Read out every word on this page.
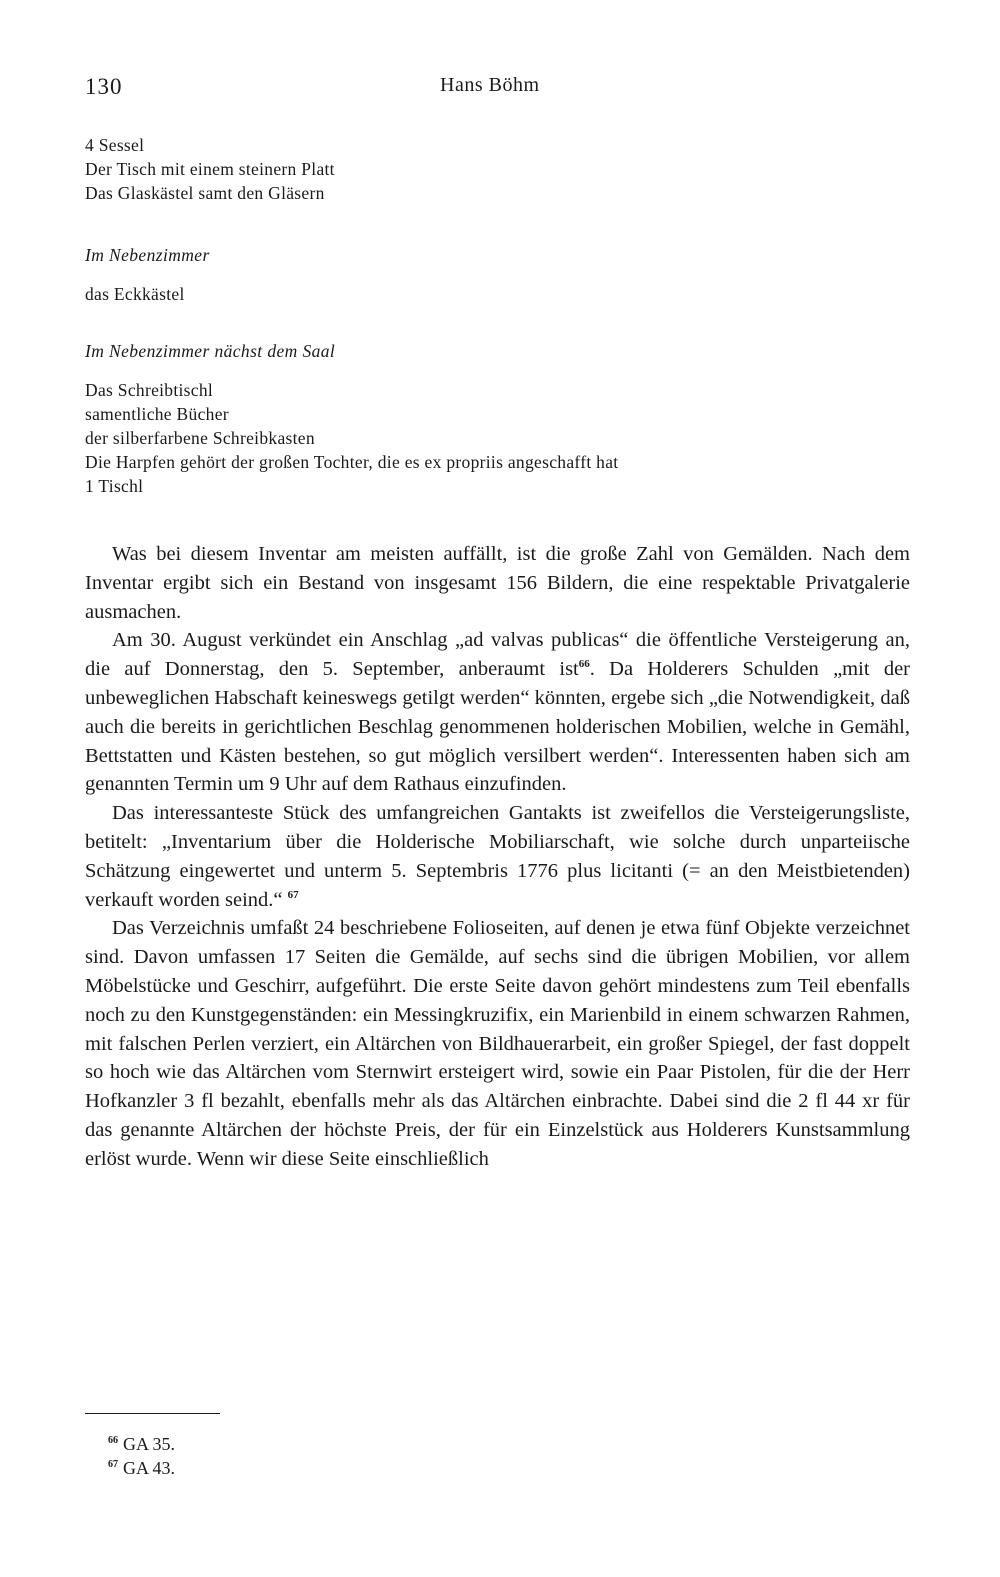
130	Hans Böhm
4 Sessel
Der Tisch mit einem steinern Platt
Das Glaskästel samt den Gläsern
Im Nebenzimmer
das Eckkästel
Im Nebenzimmer nächst dem Saal
Das Schreibtischl
samentliche Bücher
der silberfarbene Schreibkasten
Die Harpfen gehört der großen Tochter, die es ex propriis angeschafft hat
1 Tischl

Was bei diesem Inventar am meisten auffällt, ist die große Zahl von Gemälden. Nach dem Inventar ergibt sich ein Bestand von insgesamt 156 Bildern, die eine respektable Privatgalerie ausmachen.

Am 30. August verkündet ein Anschlag „ad valvas publicas“ die öffentliche Versteigerung an, die auf Donnerstag, den 5. September, anberaumt ist$^{66}$. Da Holderers Schulden „mit der unbeweglichen Habschaft keineswegs getilgt werden“ könnten, ergebe sich „die Notwendigkeit, daß auch die bereits in gerichtlichen Beschlag genommenen holderischen Mobilien, welche in Gemähl, Bettstatten und Kästen bestehen, so gut möglich versilbert werden“. Interessenten haben sich am genannten Termin um 9 Uhr auf dem Rathaus einzufinden.

Das interessanteste Stück des umfangreichen Gantakts ist zweifellos die Versteigerungsliste, betitelt: „Inventarium über die Holderische Mobiliarschaft, wie solche durch unparteiische Schätzung eingewertet und unterm 5. Septembris 1776 plus licitanti (= an den Meistbietenden) verkauft worden seind.“ $^{67}$

Das Verzeichnis umfaßt 24 beschriebene Folioseiten, auf denen je etwa fünf Objekte verzeichnet sind. Davon umfassen 17 Seiten die Gemälde, auf sechs sind die übrigen Mobilien, vor allem Möbelstücke und Geschirr, aufgeführt. Die erste Seite davon gehört mindestens zum Teil ebenfalls noch zu den Kunstgegenständen: ein Messingkruzifix, ein Marienbild in einem schwarzen Rahmen, mit falschen Perlen verziert, ein Altärchen von Bildhauerarbeit, ein großer Spiegel, der fast doppelt so hoch wie das Altärchen vom Sternwirt ersteigert wird, sowie ein Paar Pistolen, für die der Herr Hofkanzler 3 fl bezahlt, ebenfalls mehr als das Altärchen einbrachte. Dabei sind die 2 fl 44 xr für das genannte Altärchen der höchste Preis, der für ein Einzelstück aus Holderers Kunstsammlung erlöst wurde. Wenn wir diese Seite einschließlich

$^{66}$ GA 35.
$^{67}$ GA 43.
